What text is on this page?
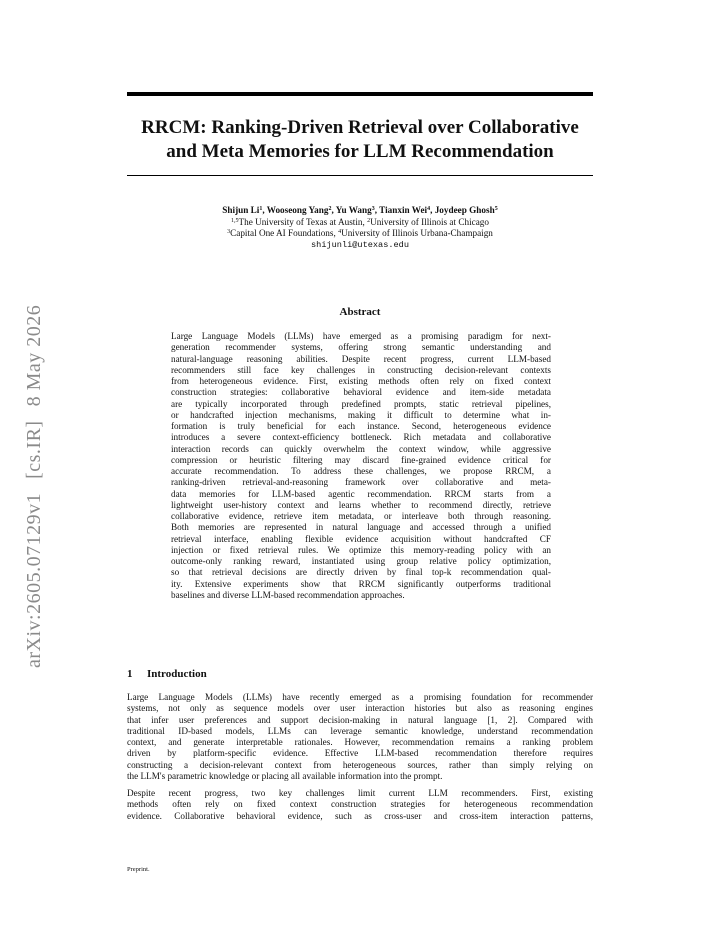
RRCM: Ranking-Driven Retrieval over Collaborative
and Meta Memories for LLM Recommendation
Shijun Li$^1$, Wooseong Yang$^2$, Yu Wang$^3$, Tianxin Wei$^4$, Joydeep Ghosh$^5$
$^{1,5}$The University of Texas at Austin, $^2$University of Illinois at Chicago
$^3$Capital One AI Foundations, $^4$University of Illinois Urbana-Champaign
shijunli@utexas.edu
arXiv:2605.07129v1[cs.IR]8 May 2026	Abstract
Large Language Models (LLMs) have emerged as a promising paradigm for next-
generation recommender systems, offering strong semantic understanding and
natural-language reasoning abilities. Despite recent progress, current LLM-based
recommenders still face key challenges in constructing decision-relevant contexts
from heterogeneous evidence. First, existing methods often rely on fixed context
construction strategies: collaborative behavioral evidence and item-side metadata
are typically incorporated through predefined prompts, static retrieval pipelines,
or handcrafted injection mechanisms, making it difficult to determine what in-
formation is truly beneficial for each instance. Second, heterogeneous evidence
introduces a severe context-efficiency bottleneck. Rich metadata and collaborative
interaction records can quickly overwhelm the context window, while aggressive
compression or heuristic filtering may discard fine-grained evidence critical for
accurate recommendation. To address these challenges, we propose RRCM, a
ranking-driven retrieval-and-reasoning framework over collaborative and meta-
data memories for LLM-based agentic recommendation. RRCM starts from a
lightweight user-history context and learns whether to recommend directly, retrieve
collaborative evidence, retrieve item metadata, or interleave both through reasoning.
Both memories are represented in natural language and accessed through a unified
retrieval interface, enabling flexible evidence acquisition without handcrafted CF
injection or fixed retrieval rules. We optimize this memory-reading policy with an
outcome-only ranking reward, instantiated using group relative policy optimization,
so that retrieval decisions are directly driven by final top-k recommendation qual-
ity. Extensive experiments show that RRCM significantly outperforms traditional
baselines and diverse LLM-based recommendation approaches.
1 Introduction
Large Language Models (LLMs) have recently emerged as a promising foundation for recommender
systems, not only as sequence models over user interaction histories but also as reasoning engines
that infer user preferences and support decision-making in natural language [1, 2]. Compared with
traditional ID-based models, LLMs can leverage semantic knowledge, understand recommendation
context, and generate interpretable rationales. However, recommendation remains a ranking problem
driven by platform-specific evidence. Effective LLM-based recommendation therefore requires
constructing a decision-relevant context from heterogeneous sources, rather than simply relying on
the LLM's parametric knowledge or placing all available information into the prompt.
Despite recent progress, two key challenges limit current LLM recommenders. First, existing
methods often rely on fixed context construction strategies for heterogeneous recommendation
evidence. Collaborative behavioral evidence, such as cross-user and cross-item interaction patterns,
Preprint.
